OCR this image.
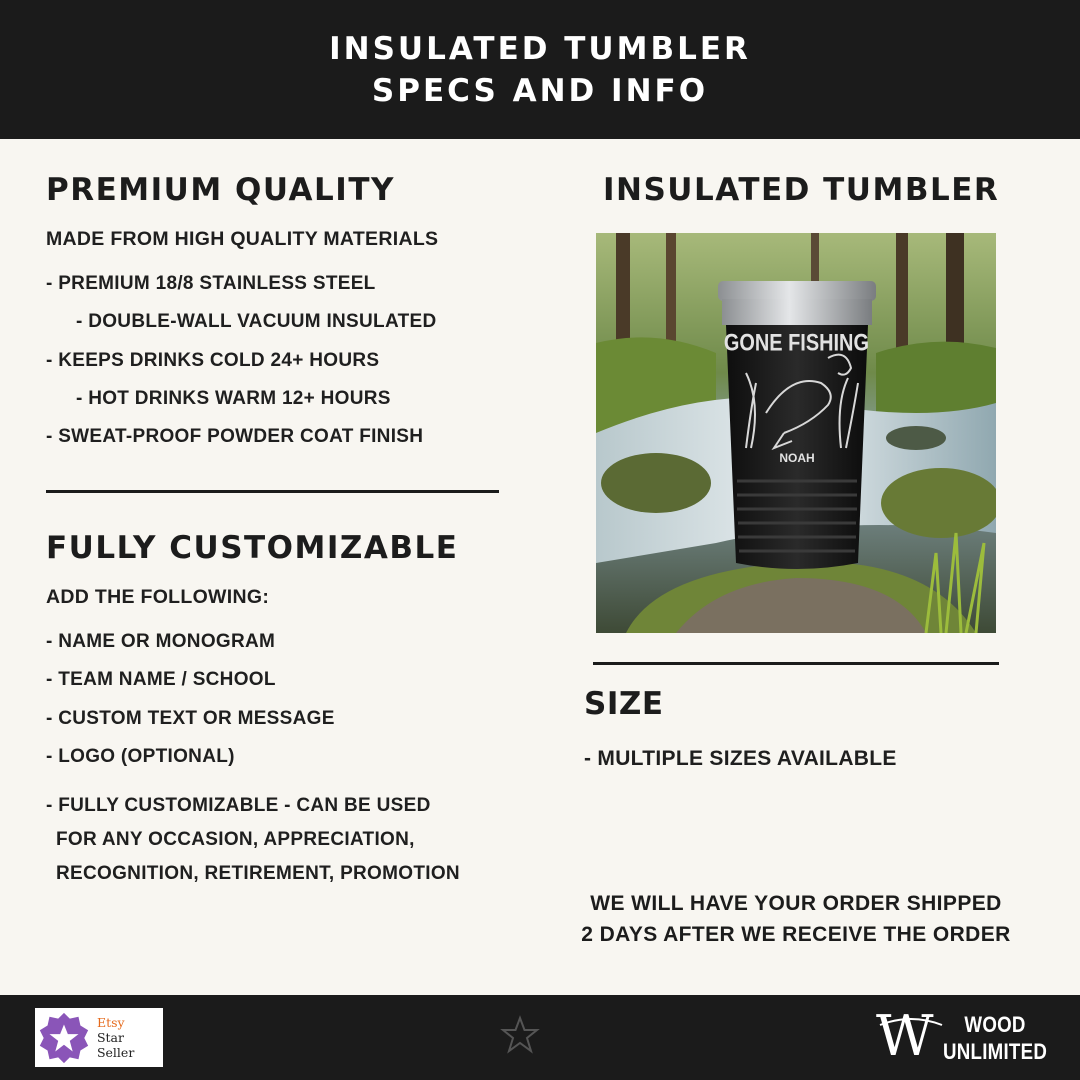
INSULATED TUMBLER
SPECS AND INFO
PREMIUM QUALITY
MADE FROM HIGH QUALITY MATERIALS
- PREMIUM 18/8 STAINLESS STEEL
- DOUBLE-WALL VACUUM INSULATED
- KEEPS DRINKS COLD 24+ HOURS
- HOT DRINKS WARM 12+ HOURS
- SWEAT-PROOF POWDER COAT FINISH
FULLY CUSTOMIZABLE
ADD THE FOLLOWING:
- NAME OR MONOGRAM
- TEAM NAME / SCHOOL
- CUSTOM TEXT OR MESSAGE
- LOGO (OPTIONAL)
- FULLY CUSTOMIZABLE - CAN BE USED
FOR ANY OCCASION, APPRECIATION,
RECOGNITION, RETIREMENT, PROMOTION
INSULATED TUMBLER
GONE FISHING
NOAH
SIZE
- MULTIPLE SIZES AVAILABLE
WE WILL HAVE YOUR ORDER SHIPPED
2 DAYS AFTER WE RECEIVE THE ORDER
Etsy
Star Seller	W	WOOD
UNLIMITED
